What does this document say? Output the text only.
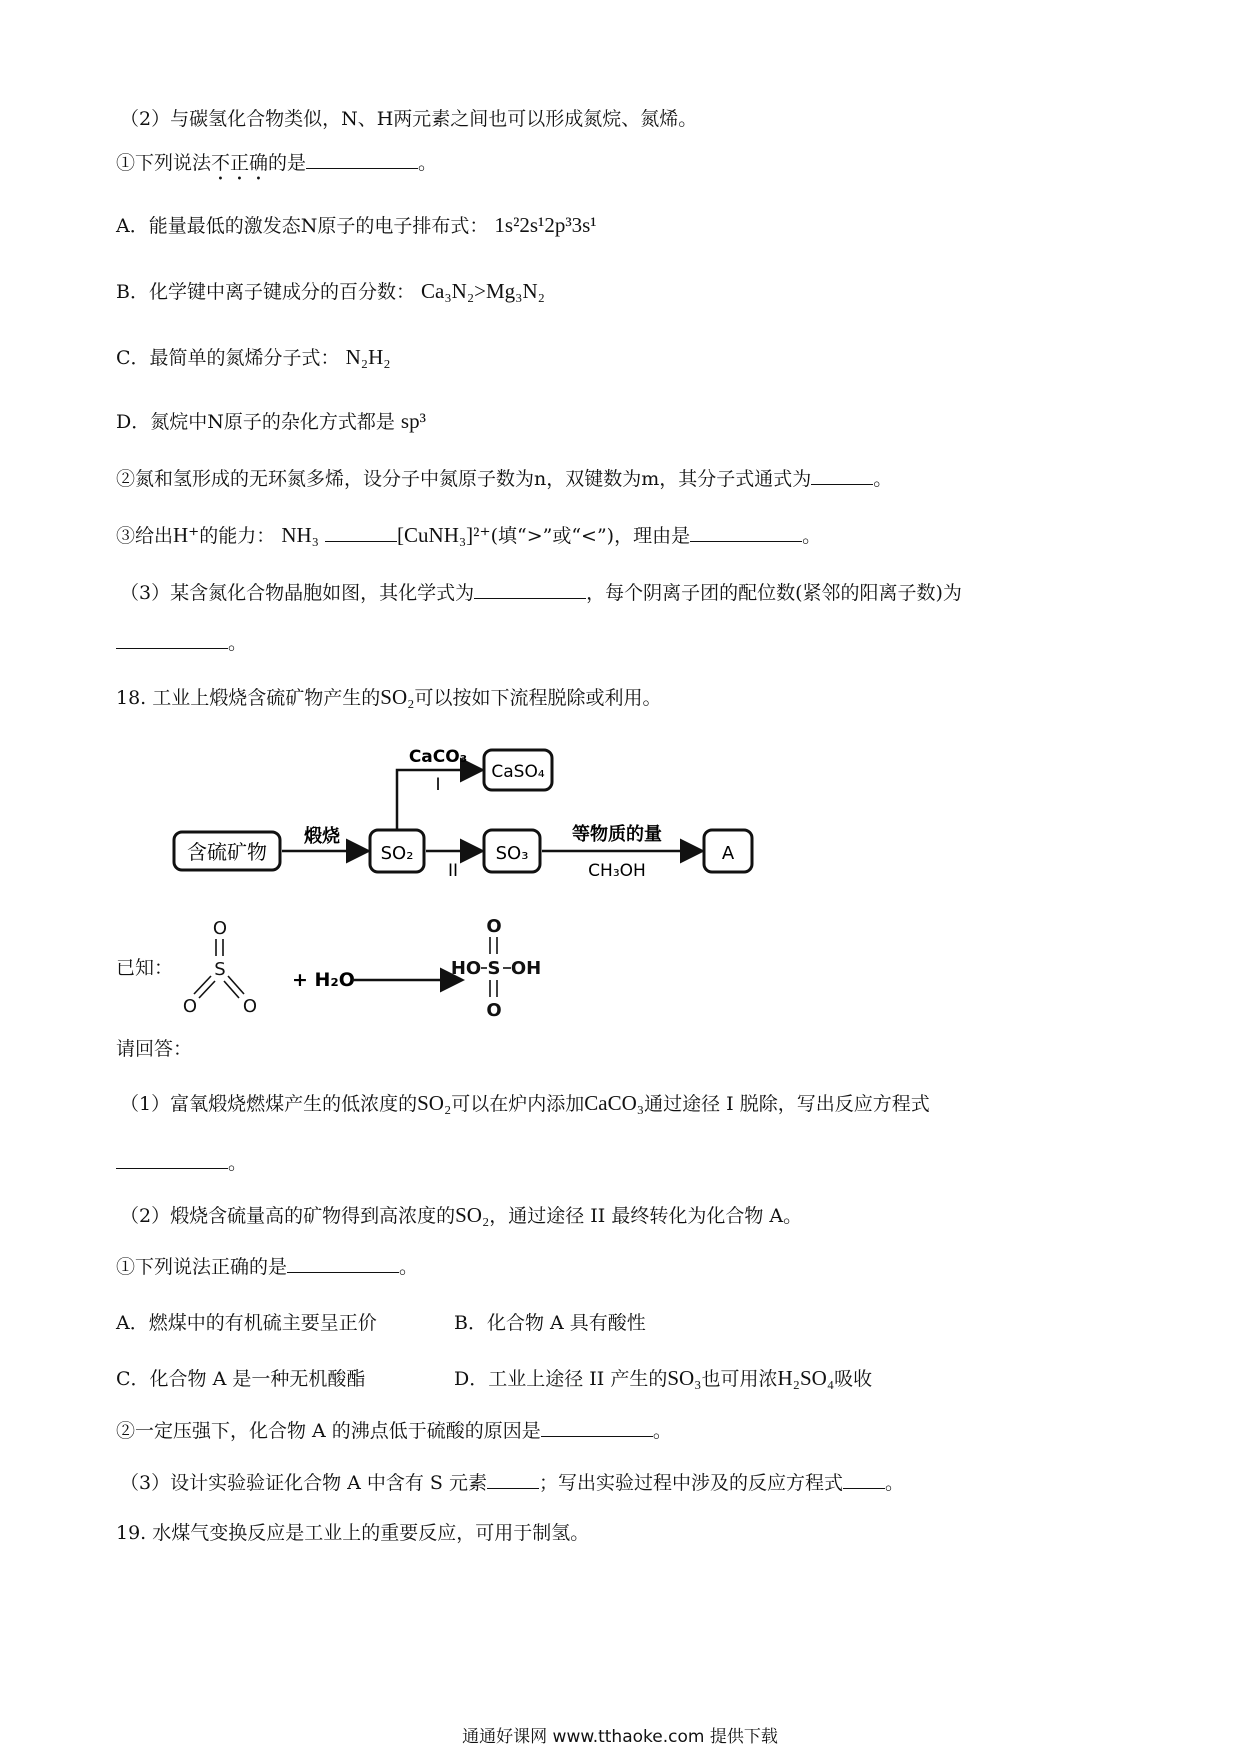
（2）与碳氢化合物类似，N、H两元素之间也可以形成氮烷、氮烯。
①下列说法不正确的是	。
A．能量最低的激发态N原子的电子排布式： 1s²2s¹2p³3s¹
B．化学键中离子键成分的百分数： Ca₃N₂>Mg₃N₂
C．最简单的氮烯分子式： N₂H₂
D．氮烷中N原子的杂化方式都是 sp³
②氮和氢形成的无环氮多烯，设分子中氮原子数为n，双键数为m，其分子式通式为	。
③给出H⁺的能力： NH₃	[CuNH₃]²⁺(填“>”或“<”)，理由是	。
（3）某含氮化合物晶胞如图，其化学式为	，每个阴离子团的配位数(紧邻的阳离子数)为
。
18. 工业上煅烧含硫矿物产生的SO₂可以按如下流程脱除或利用。
含硫矿物
煅烧
SO₂
CaCO₃
I
CaSO₄
II
SO₃
等物质的量
CH₃OH
A
已知：
O
S
O	O
+ H₂O
O
HO S OH
O
请回答：
（1）富氧煅烧燃煤产生的低浓度的SO₂可以在炉内添加CaCO₃通过途径 I 脱除，写出反应方程式
。
（2）煅烧含硫量高的矿物得到高浓度的SO₂，通过途径 II 最终转化为化合物 A。
①下列说法正确的是	。
A．燃煤中的有机硫主要呈正价	B．化合物 A 具有酸性
C．化合物 A 是一种无机酸酯	D．工业上途径 II 产生的SO₃也可用浓H₂SO₄吸收
②一定压强下，化合物 A 的沸点低于硫酸的原因是	。
（3）设计实验验证化合物 A 中含有 S 元素	；写出实验过程中涉及的反应方程式 。
19. 水煤气变换反应是工业上的重要反应，可用于制氢。
通通好课网 www.tthaoke.com 提供下载
